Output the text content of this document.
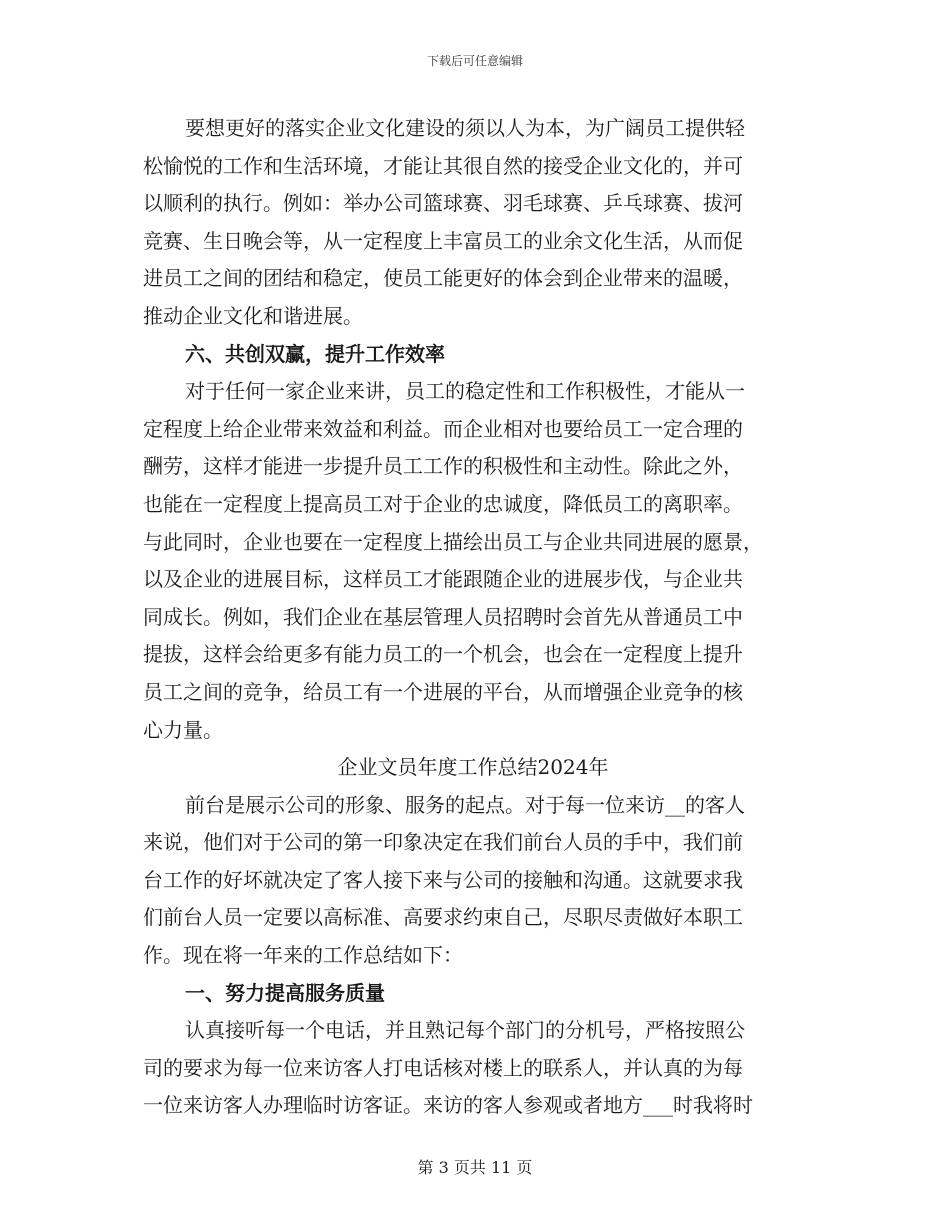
下载后可任意编辑
要想更好的落实企业文化建设的须以人为本，为广阔员工提供轻
松愉悦的工作和生活环境，才能让其很自然的接受企业文化的，并可
以顺利的执行。例如：举办公司篮球赛、羽毛球赛、乒乓球赛、拔河
竞赛、生日晚会等，从一定程度上丰富员工的业余文化生活，从而促
进员工之间的团结和稳定，使员工能更好的体会到企业带来的温暖，
推动企业文化和谐进展。
六、共创双赢，提升工作效率
对于任何一家企业来讲，员工的稳定性和工作积极性，才能从一
定程度上给企业带来效益和利益。而企业相对也要给员工一定合理的
酬劳，这样才能进一步提升员工工作的积极性和主动性。除此之外，
也能在一定程度上提高员工对于企业的忠诚度，降低员工的离职率。
与此同时，企业也要在一定程度上描绘出员工与企业共同进展的愿景，
以及企业的进展目标，这样员工才能跟随企业的进展步伐，与企业共
同成长。例如，我们企业在基层管理人员招聘时会首先从普通员工中
提拔，这样会给更多有能力员工的一个机会，也会在一定程度上提升
员工之间的竞争，给员工有一个进展的平台，从而增强企业竞争的核
心力量。
企业文员年度工作总结2024年
前台是展示公司的形象、服务的起点。对于每一位来访__的客人
来说，他们对于公司的第一印象决定在我们前台人员的手中，我们前
台工作的好坏就决定了客人接下来与公司的接触和沟通。这就要求我
们前台人员一定要以高标准、高要求约束自己，尽职尽责做好本职工
作。现在将一年来的工作总结如下：
一、努力提高服务质量
认真接听每一个电话，并且熟记每个部门的分机号，严格按照公
司的要求为每一位来访客人打电话核对楼上的联系人，并认真的为每
一位来访客人办理临时访客证。来访的客人参观或者地方___时我将时
第 3 页共 11 页
